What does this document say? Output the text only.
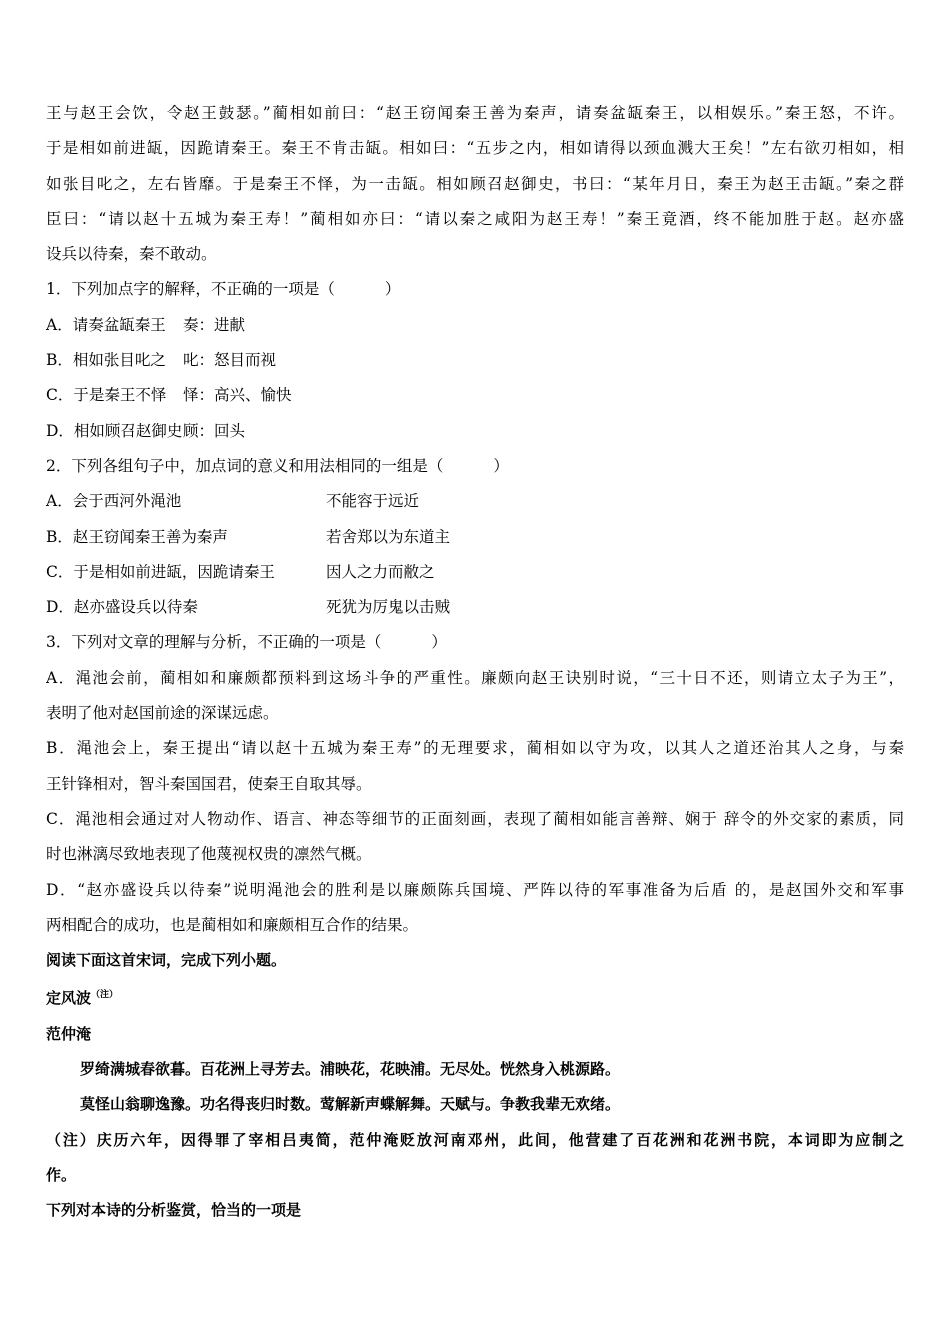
王与赵王会饮，令赵王鼓瑟。”蔺相如前曰：“赵王窃闻秦王善为秦声，请奏盆缻秦王，以相娱乐。”秦王怒，不许。
于是相如前进缻，因跪请秦王。秦王不肯击缻。相如曰：“五步之内，相如请得以颈血溅大王矣！”左右欲刃相如，相
如张目叱之，左右皆靡。于是秦王不怿，为一击缻。相如顾召赵御史，书曰：“某年月日，秦王为赵王击缻。”秦之群
臣曰：“请以赵十五城为秦王寿！”蔺相如亦曰：“请以秦之咸阳为赵王寿！”秦王竟酒，终不能加胜于赵。赵亦盛
设兵以待秦，秦不敢动。
1．下列加点字的解释，不正确的一项是（	）
A．请奏盆缻秦王	奏：进献
B．相如张目叱之	叱：怒目而视
C．于是秦王不怿	怿：高兴、愉快
D．相如顾召赵御史 顾：回头
2．下列各组句子中，加点词的意义和用法相同的一组是（	）
A．会于西河外渑池	不能容于远近
B．赵王窃闻秦王善为秦声	若舍郑以为东道主
C．于是相如前进缻，因跪请秦王	因人之力而敝之
D．赵亦盛设兵以待秦	死犹为厉鬼以击贼
3．下列对文章的理解与分析，不正确的一项是（	）
A．渑池会前，蔺相如和廉颇都预料到这场斗争的严重性。廉颇向赵王诀别时说，“三十日不还，则请立太子为王”，
表明了他对赵国前途的深谋远虑。
B．渑池会上，秦王提出“请以赵十五城为秦王寿”的无理要求，蔺相如以守为攻，以其人之道还治其人之身，与秦
王针锋相对，智斗秦国国君，使秦王自取其辱。
C．渑池相会通过对人物动作、语言、神态等细节的正面刻画，表现了蔺相如能言善辩、娴于 辞令的外交家的素质，同
时也淋漓尽致地表现了他蔑视权贵的凛然气概。
D．“赵亦盛设兵以待秦”说明渑池会的胜利是以廉颇陈兵国境、严阵以待的军事准备为后盾 的，是赵国外交和军事
两相配合的成功，也是蔺相如和廉颇相互合作的结果。
阅读下面这首宋词，完成下列小题。
定风波$^{(注)}$
范仲淹
罗绮满城春欲暮。百花洲上寻芳去。浦映花，花映浦。无尽处。恍然身入桃源路。
莫怪山翁聊逸豫。功名得丧归时数。莺解新声蝶解舞。天赋与。争教我辈无欢绪。
（注）庆历六年，因得罪了宰相吕夷简，范仲淹贬放河南邓州，此间，他营建了百花洲和花洲书院，本词即为应制之
作。
下列对本诗的分析鉴赏，恰当的一项是
